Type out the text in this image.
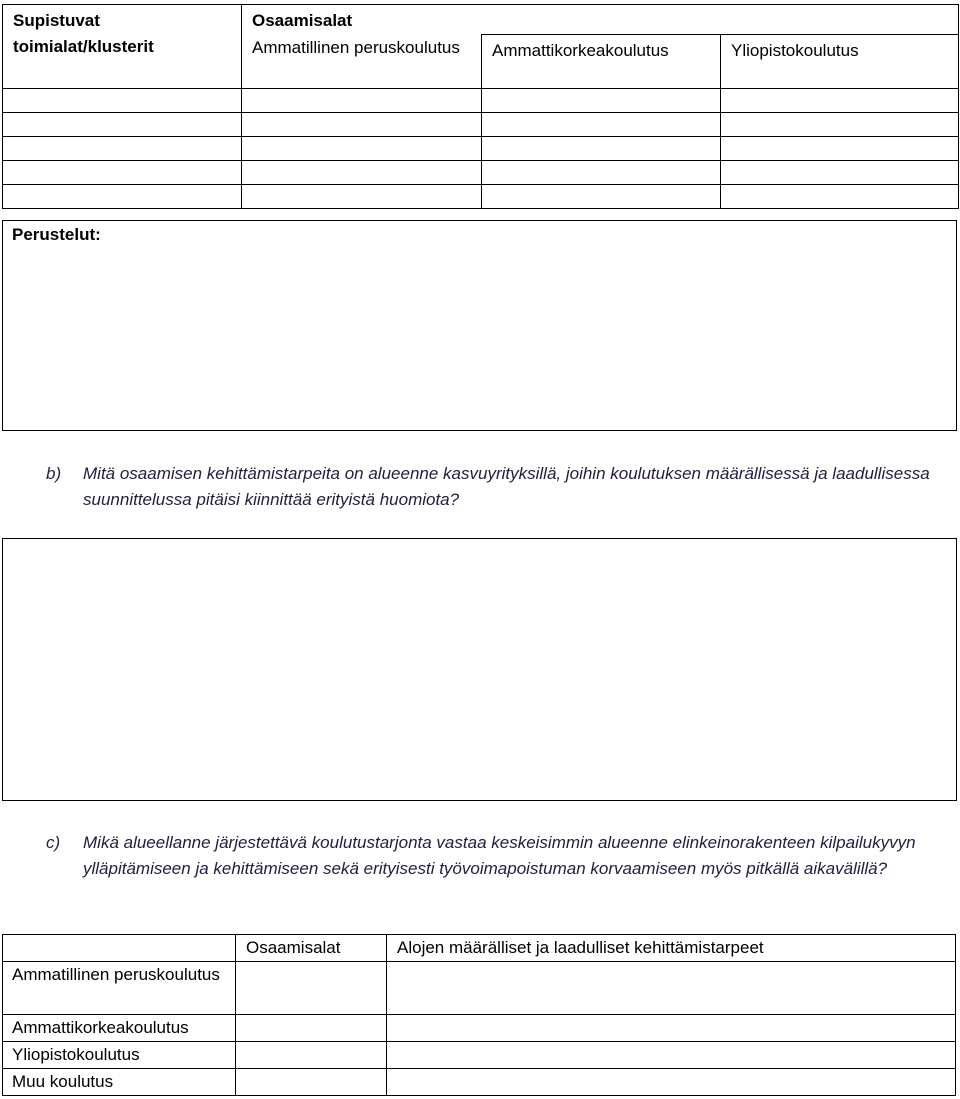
Supistuvat toimialat/klusterit	Osaamisalat		
	Ammatillinen peruskoulutus	Ammattikorkeakoulutus	Yliopistokoulutus

Perustelut:
b) Mitä osaamisen kehittämistarpeita on alueenne kasvuyrityksillä, joihin koulutuksen määrällisessä ja laadullisessa suunnittelussa pitäisi kiinnittää erityistä huomiota?
c) Mikä alueellanne järjestettävä koulutustarjonta vastaa keskeisimmin alueenne elinkeinorakenteen kilpailukyvyn ylläpitämiseen ja kehittämiseen sekä erityisesti työvoimapoistuman korvaamiseen myös pitkällä aikavälillä?
	Osaamisalat	Alojen määrälliset ja laadulliset kehittämistarpeet
Ammatillinen peruskoulutus		
Ammattikorkeakoulutus		
Yliopistokoulutus		
Muu koulutus		
